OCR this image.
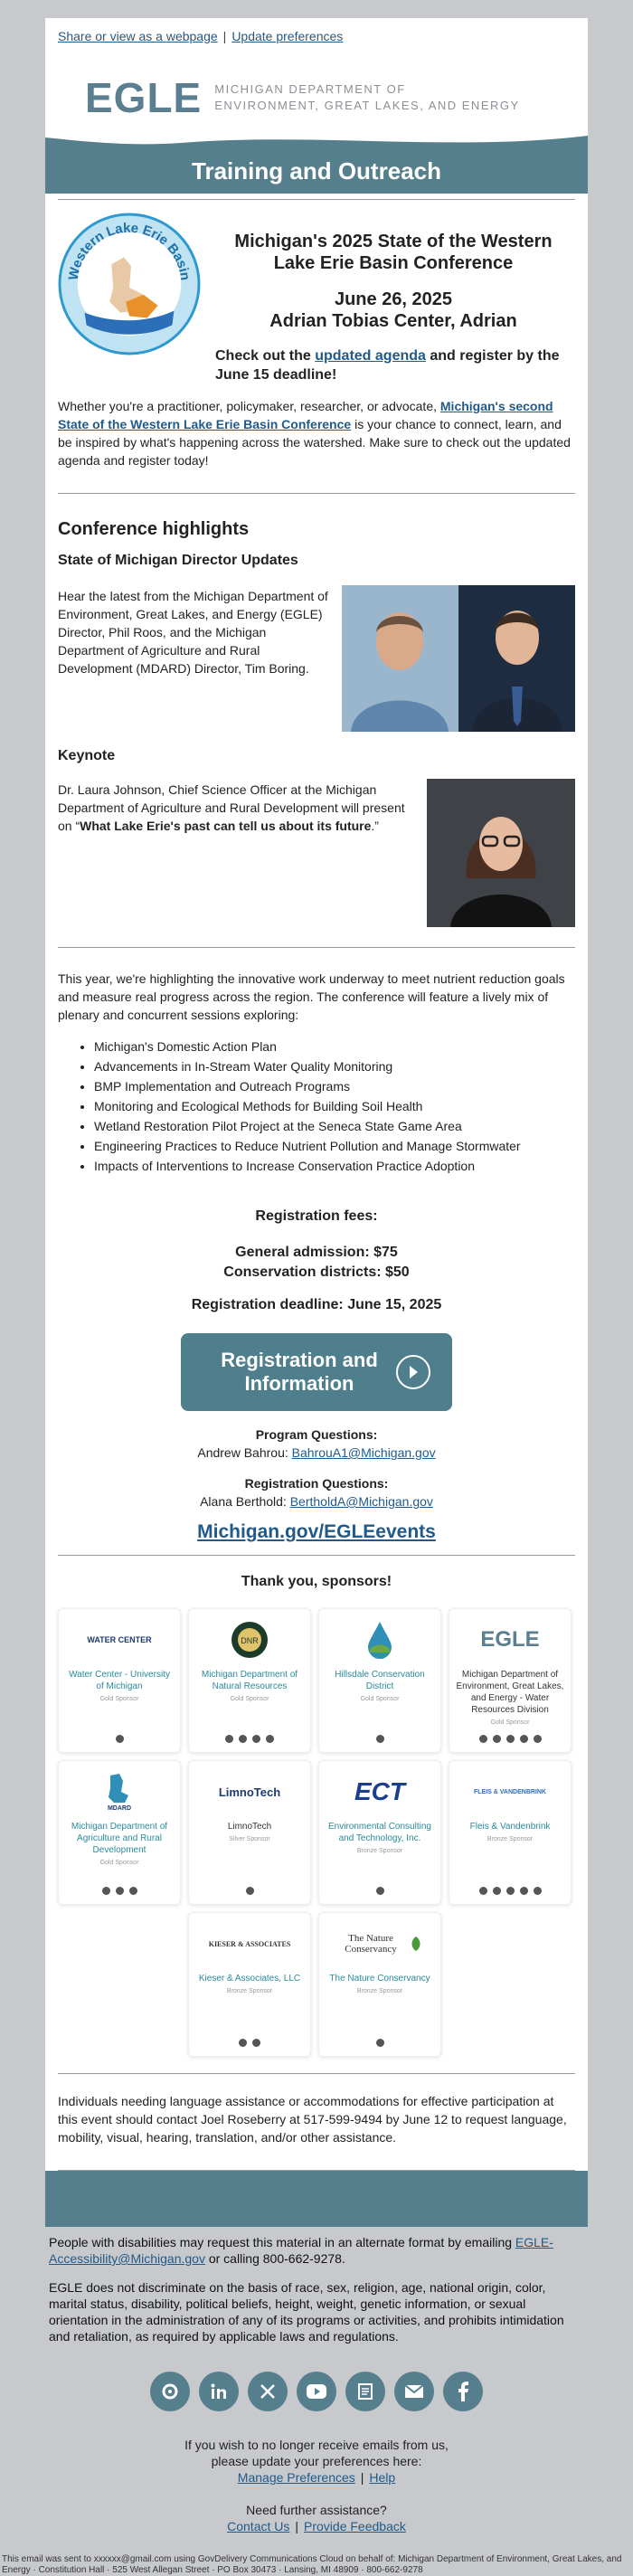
Share or view as a webpage | Update preferences
EGLE MICHIGAN DEPARTMENT OF
ENVIRONMENT, GREAT LAKES, AND ENERGY
Training and Outreach
Western Lake Erie Basin
Michigan's 2025 State of the Western Lake Erie Basin Conference
June 26, 2025
Adrian Tobias Center, Adrian
Check out the updated agenda and register by the June 15 deadline!

Whether you're a practitioner, policymaker, researcher, or advocate, Michigan's second State of the Western Lake Erie Basin Conference is your chance to connect, learn, and be inspired by what's happening across the watershed. Make sure to check out the updated agenda and register today!

Conference highlights
State of Michigan Director Updates
Hear the latest from the Michigan Department of Environment, Great Lakes, and Energy (EGLE) Director, Phil Roos, and the Michigan Department of Agriculture and Rural Development (MDARD) Director, Tim Boring.
Keynote
Dr. Laura Johnson, Chief Science Officer at the Michigan Department of Agriculture and Rural Development will present on “What Lake Erie's past can tell us about its future.”

This year, we're highlighting the innovative work underway to meet nutrient reduction goals and measure real progress across the region. The conference will feature a lively mix of plenary and concurrent sessions exploring:

• Michigan's Domestic Action Plan
• Advancements in In-Stream Water Quality Monitoring
• BMP Implementation and Outreach Programs
• Monitoring and Ecological Methods for Building Soil Health
• Wetland Restoration Pilot Project at the Seneca State Game Area
• Engineering Practices to Reduce Nutrient Pollution and Manage Stormwater
• Impacts of Interventions to Increase Conservation Practice Adoption
Registration fees:
General admission: $75
Conservation districts: $50
Registration deadline: June 15, 2025
Registration and
Information
Program Questions:
Andrew Bahrou: BahrouA1@Michigan.gov
Registration Questions:
Alana Berthold: BertholdA@Michigan.gov
Michigan.gov/EGLEevents
Thank you, sponsors!
WATER CENTER
Water Center - University of Michigan
Gold Sponsor
DNR
Michigan Department of Natural Resources
Gold Sponsor
HCD
Hillsdale Conservation District
Gold Sponsor
EGLE
Michigan Department of Environment, Great Lakes, and Energy - Water Resources Division
Gold Sponsor
MDARD
Michigan Department of Agriculture and Rural Development
Gold Sponsor
LimnoTech
LimnoTech
Silver Sponsor
ECT
Environmental Consulting and Technology, Inc.
Bronze Sponsor
FLEIS & VANDENBRINK
Fleis & Vandenbrink
Bronze Sponsor
KIESER & ASSOCIATES
Kieser & Associates, LLC
Bronze Sponsor
The Nature Conservancy
The Nature Conservancy
Bronze Sponsor

Individuals needing language assistance or accommodations for effective participation at this event should contact Joel Roseberry at 517-599-9494 by June 12 to request language, mobility, visual, hearing, translation, and/or other assistance.

People with disabilities may request this material in an alternate format by emailing EGLE-Accessibility@Michigan.gov or calling 800-662-9278.

EGLE does not discriminate on the basis of race, sex, religion, age, national origin, color, marital status, disability, political beliefs, height, weight, genetic information, or sexual orientation in the administration of any of its programs or activities, and prohibits intimidation and retaliation, as required by applicable laws and regulations.

If you wish to no longer receive emails from us,
please update your preferences here:
Manage Preferences | Help
Need further assistance?
Contact Us | Provide Feedback

This email was sent to xxxxxx@gmail.com using GovDelivery Communications Cloud on behalf of: Michigan Department of Environment, Great Lakes, and Energy · Constitution Hall · 525 West Allegan Street · PO Box 30473 · Lansing, MI 48909 · 800-662-9278
